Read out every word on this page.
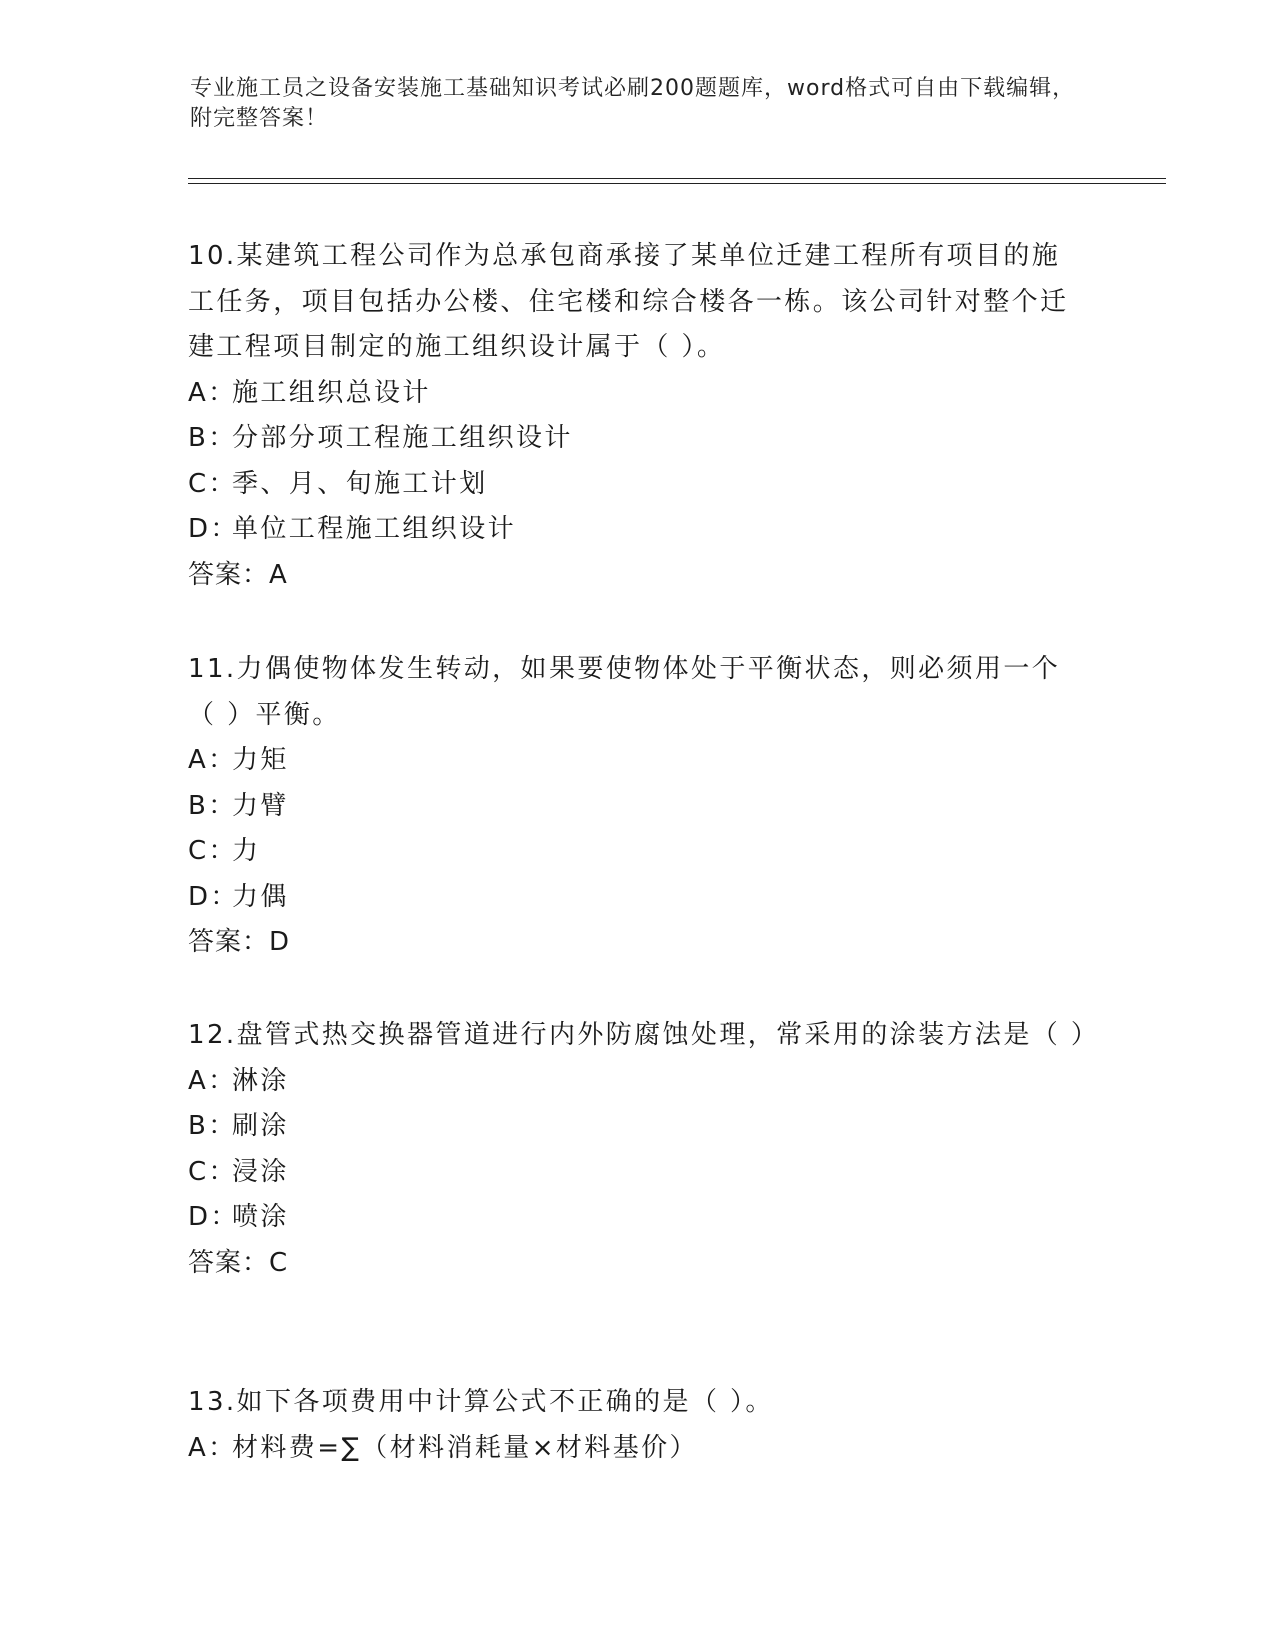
专业施工员之设备安装施工基础知识考试必刷200题题库，word格式可自由下载编辑，附完整答案！

10.某建筑工程公司作为总承包商承接了某单位迁建工程所有项目的施工任务，项目包括办公楼、住宅楼和综合楼各一栋。该公司针对整个迁建工程项目制定的施工组织设计属于（ ）。

A：施工组织总设计

B：分部分项工程施工组织设计

C：季、月、旬施工计划

D：单位工程施工组织设计

答案：A

11.力偶使物体发生转动，如果要使物体处于平衡状态，则必须用一个（ ）平衡。

A：力矩

B：力臂

C：力

D：力偶

答案：D

12.盘管式热交换器管道进行内外防腐蚀处理，常采用的涂装方法是（ ）

A：淋涂

B：刷涂

C：浸涂

D：喷涂

答案：C

13.如下各项费用中计算公式不正确的是（ ）。

A：材料费=∑（材料消耗量×材料基价）
